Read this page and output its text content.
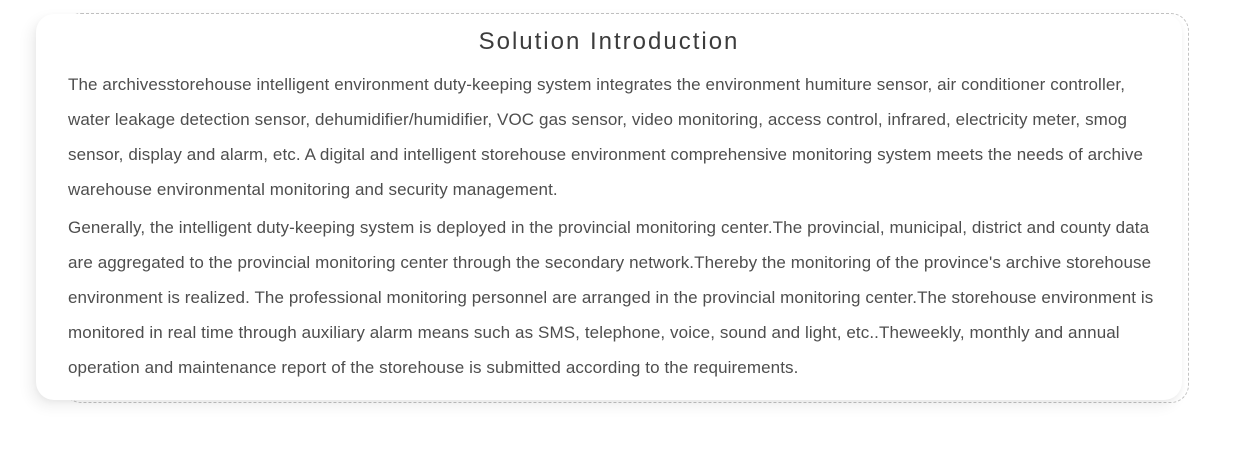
Solution Introduction

The archivesstorehouse intelligent environment duty-keeping system integrates the environment humiture sensor, air conditioner controller, water leakage detection sensor, dehumidifier/humidifier, VOC gas sensor, video monitoring, access control, infrared, electricity meter, smog sensor, display and alarm, etc. A digital and intelligent storehouse environment comprehensive monitoring system meets the needs of archive warehouse environmental monitoring and security management.

Generally, the intelligent duty-keeping system is deployed in the provincial monitoring center.The provincial, municipal, district and county data are aggregated to the provincial monitoring center through the secondary network.Thereby the monitoring of the province's archive storehouse environment is realized. The professional monitoring personnel are arranged in the provincial monitoring center.The storehouse environment is monitored in real time through auxiliary alarm means such as SMS, telephone, voice, sound and light, etc..Theweekly, monthly and annual operation and maintenance report of the storehouse is submitted according to the requirements.
